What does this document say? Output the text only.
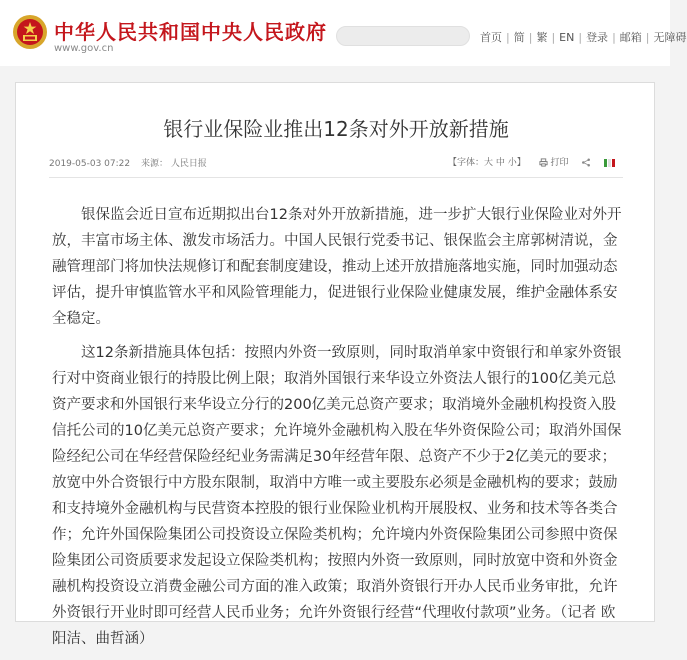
中华人民共和国中央人民政府
www.gov.cn
首页 | 简 | 繁 | EN | 登录 | 邮箱 | 无障碍
银行业保险业推出12条对外开放新措施
2019-05-03 07:22 来源： 人民日报	【字体：大 中 小】	打印

银保监会近日宣布近期拟出台12条对外开放新措施，进一步扩大银行业保险业对外开放，丰富市场主体、激发市场活力。中国人民银行党委书记、银保监会主席郭树清说，金融管理部门将加快法规修订和配套制度建设，推动上述开放措施落地实施，同时加强动态评估，提升审慎监管水平和风险管理能力，促进银行业保险业健康发展，维护金融体系安全稳定。

这12条新措施具体包括：按照内外资一致原则，同时取消单家中资银行和单家外资银行对中资商业银行的持股比例上限；取消外国银行来华设立外资法人银行的100亿美元总资产要求和外国银行来华设立分行的200亿美元总资产要求；取消境外金融机构投资入股信托公司的10亿美元总资产要求；允许境外金融机构入股在华外资保险公司；取消外国保险经纪公司在华经营保险经纪业务需满足30年经营年限、总资产不少于2亿美元的要求；放宽中外合资银行中方股东限制，取消中方唯一或主要股东必须是金融机构的要求；鼓励和支持境外金融机构与民营资本控股的银行业保险业机构开展股权、业务和技术等各类合作；允许外国保险集团公司投资设立保险类机构；允许境内外资保险集团公司参照中资保险集团公司资质要求发起设立保险类机构；按照内外资一致原则，同时放宽中资和外资金融机构投资设立消费金融公司方面的准入政策；取消外资银行开办人民币业务审批，允许外资银行开业时即可经营人民币业务；允许外资银行经营“代理收付款项”业务。（记者 欧阳洁、曲哲涵）
